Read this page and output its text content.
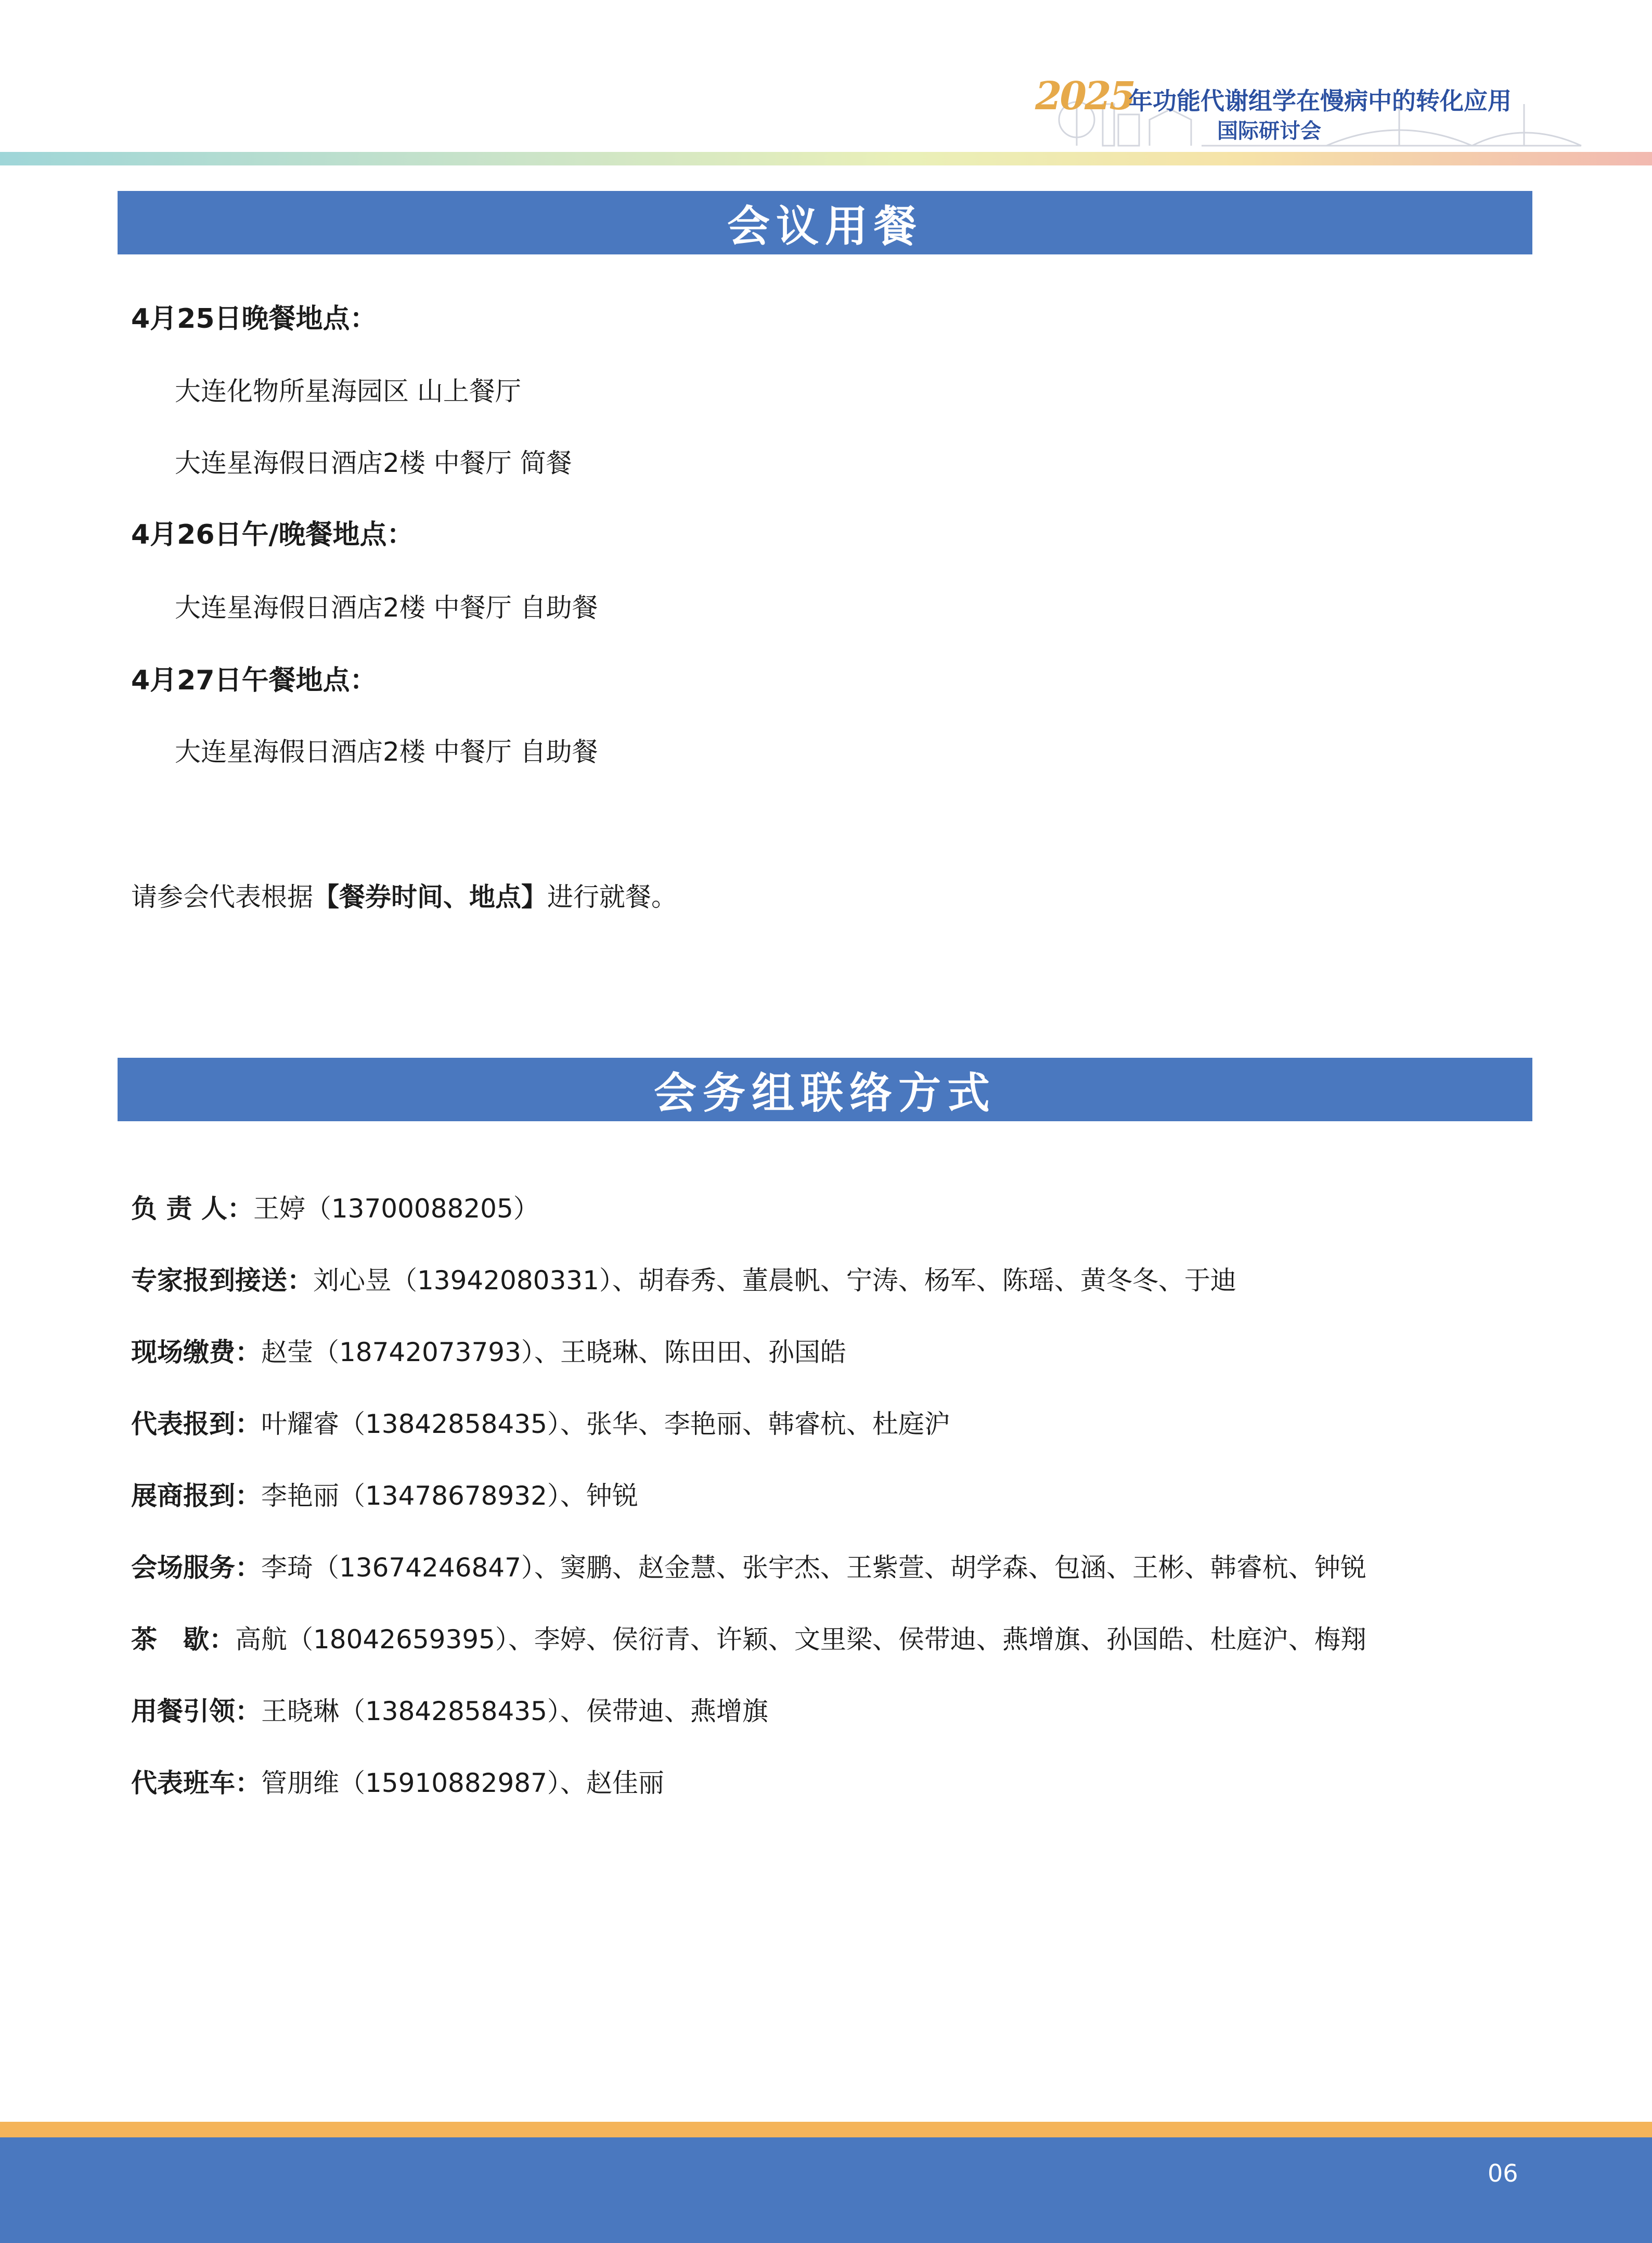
2025
年功能代谢组学在慢病中的转化应用
国际研讨会
会议用餐
4月25日晚餐地点：
大连化物所星海园区 山上餐厅
大连星海假日酒店2楼 中餐厅 简餐
4月26日午/晚餐地点：
大连星海假日酒店2楼 中餐厅 自助餐
4月27日午餐地点：
大连星海假日酒店2楼 中餐厅 自助餐
请参会代表根据【餐券时间、地点】进行就餐。
会务组联络方式
负 责 人：王婷（13700088205）
专家报到接送：刘心昱（13942080331）、胡春秀、董晨帆、宁涛、杨军、陈瑶、黄冬冬、于迪
现场缴费：赵莹（18742073793）、王晓琳、陈田田、孙国皓
代表报到：叶耀睿（13842858435）、张华、李艳丽、韩睿杭、杜庭沪
展商报到：李艳丽（13478678932）、钟锐
会场服务：李琦（13674246847）、窦鹏、赵金慧、张宇杰、王紫萱、胡学森、包涵、王彬、韩睿杭、钟锐
茶　歇：高航（18042659395）、李婷、侯衍青、许颖、文里梁、侯带迪、燕增旗、孙国皓、杜庭沪、梅翔
用餐引领：王晓琳（13842858435）、侯带迪、燕增旗
代表班车：管朋维（15910882987）、赵佳丽
06
